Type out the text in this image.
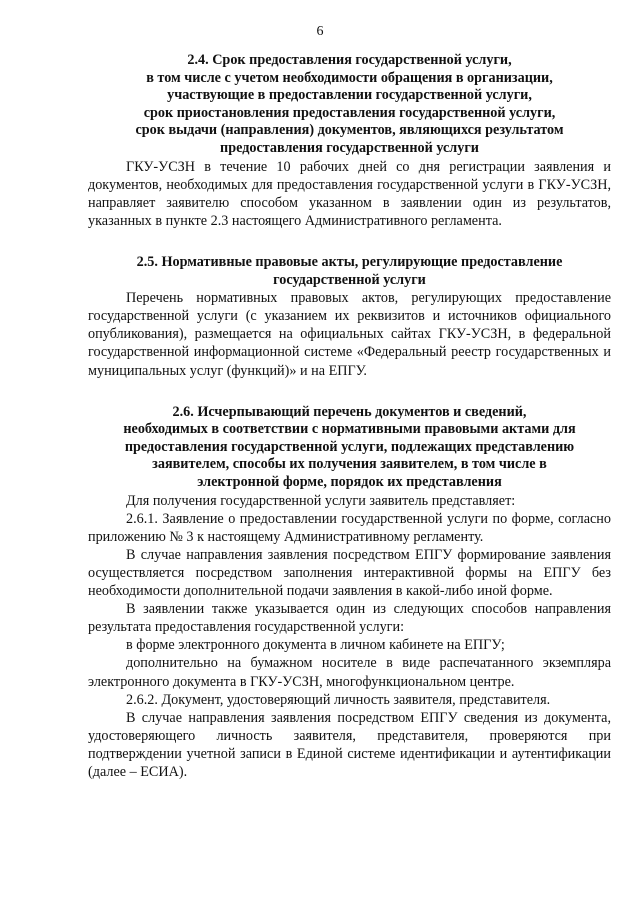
6
2.4. Срок предоставления государственной услуги,
в том числе с учетом необходимости обращения в организации,
участвующие в предоставлении государственной услуги,
срок приостановления предоставления государственной услуги,
срок выдачи (направления) документов, являющихся результатом
предоставления государственной услуги

ГКУ-УСЗН в течение 10 рабочих дней со дня регистрации заявления и документов, необходимых для предоставления государственной услуги в ГКУ-УСЗН, направляет заявителю способом указанном в заявлении один из результатов, указанных в пункте 2.3 настоящего Административного регламента.

2.5. Нормативные правовые акты, регулирующие предоставление
государственной услуги

Перечень нормативных правовых актов, регулирующих предоставление государственной услуги (с указанием их реквизитов и источников официального опубликования), размещается на официальных сайтах ГКУ-УСЗН, в федеральной государственной информационной системе «Федеральный реестр государственных и муниципальных услуг (функций)» и на ЕПГУ.

2.6. Исчерпывающий перечень документов и сведений,
необходимых в соответствии с нормативными правовыми актами для
предоставления государственной услуги, подлежащих представлению
заявителем, способы их получения заявителем, в том числе в
электронной форме, порядок их представления

Для получения государственной услуги заявитель представляет:

2.6.1. Заявление о предоставлении государственной услуги по форме, согласно приложению № 3 к настоящему Административному регламенту.

В случае направления заявления посредством ЕПГУ формирование заявления осуществляется посредством заполнения интерактивной формы на ЕПГУ без необходимости дополнительной подачи заявления в какой-либо иной форме.

В заявлении также указывается один из следующих способов направления результата предоставления государственной услуги:

в форме электронного документа в личном кабинете на ЕПГУ;

дополнительно на бумажном носителе в виде распечатанного экземпляра электронного документа в ГКУ-УСЗН, многофункциональном центре.

2.6.2. Документ, удостоверяющий личность заявителя, представителя.

В случае направления заявления посредством ЕПГУ сведения из документа, удостоверяющего личность заявителя, представителя, проверяются при подтверждении учетной записи в Единой системе идентификации и аутентификации (далее – ЕСИА).
